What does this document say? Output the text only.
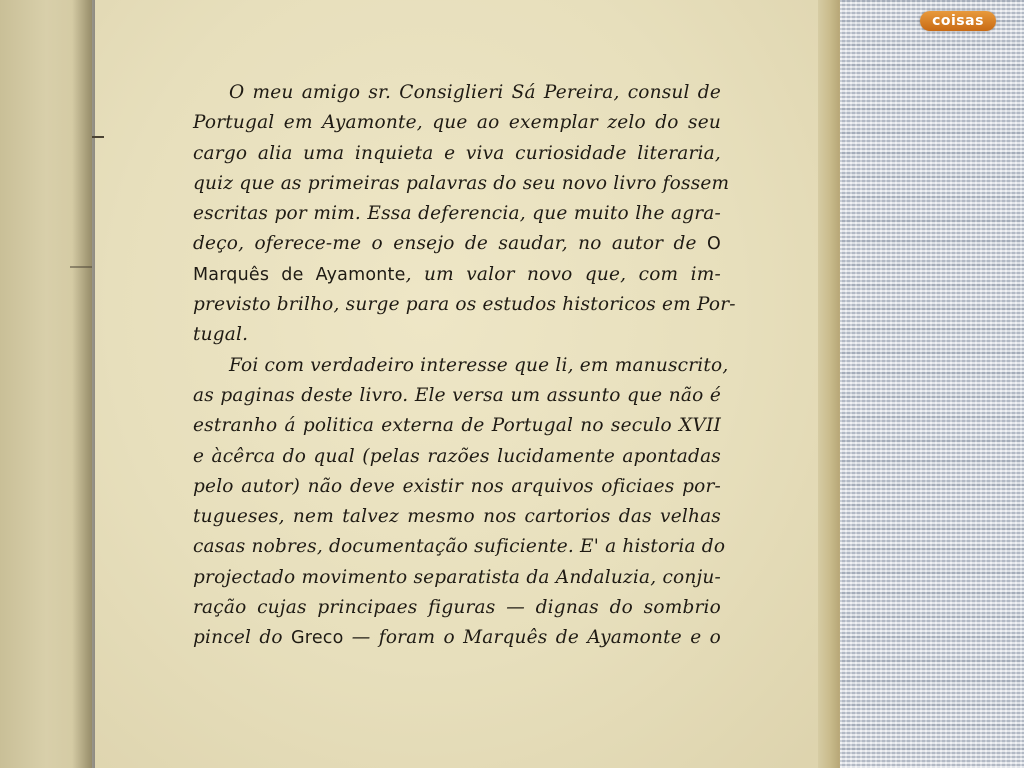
O meu amigo sr. Consiglieri Sá Pereira, consul de
Portugal em Ayamonte, que ao exemplar zelo do seu
cargo alia uma inquieta e viva curiosidade literaria,
quiz que as primeiras palavras do seu novo livro fossem
escritas por mim. Essa deferencia, que muito lhe agra-
deço, oferece-me o ensejo de saudar, no autor de O
Marquês de Ayamonte, um valor novo que, com im-
previsto brilho, surge para os estudos historicos em Por-
tugal.
Foi com verdadeiro interesse que li, em manuscrito,
as paginas deste livro. Ele versa um assunto que não é
estranho á politica externa de Portugal no seculo XVII
e àcêrca do qual (pelas razões lucidamente apontadas
pelo autor) não deve existir nos arquivos oficiaes por-
tugueses, nem talvez mesmo nos cartorios das velhas
casas nobres, documentação suficiente. E' a historia do
projectado movimento separatista da Andaluzia, conju-
ração cujas principaes figuras — dignas do sombrio
pincel do Greco — foram o Marquês de Ayamonte e o
coisas
